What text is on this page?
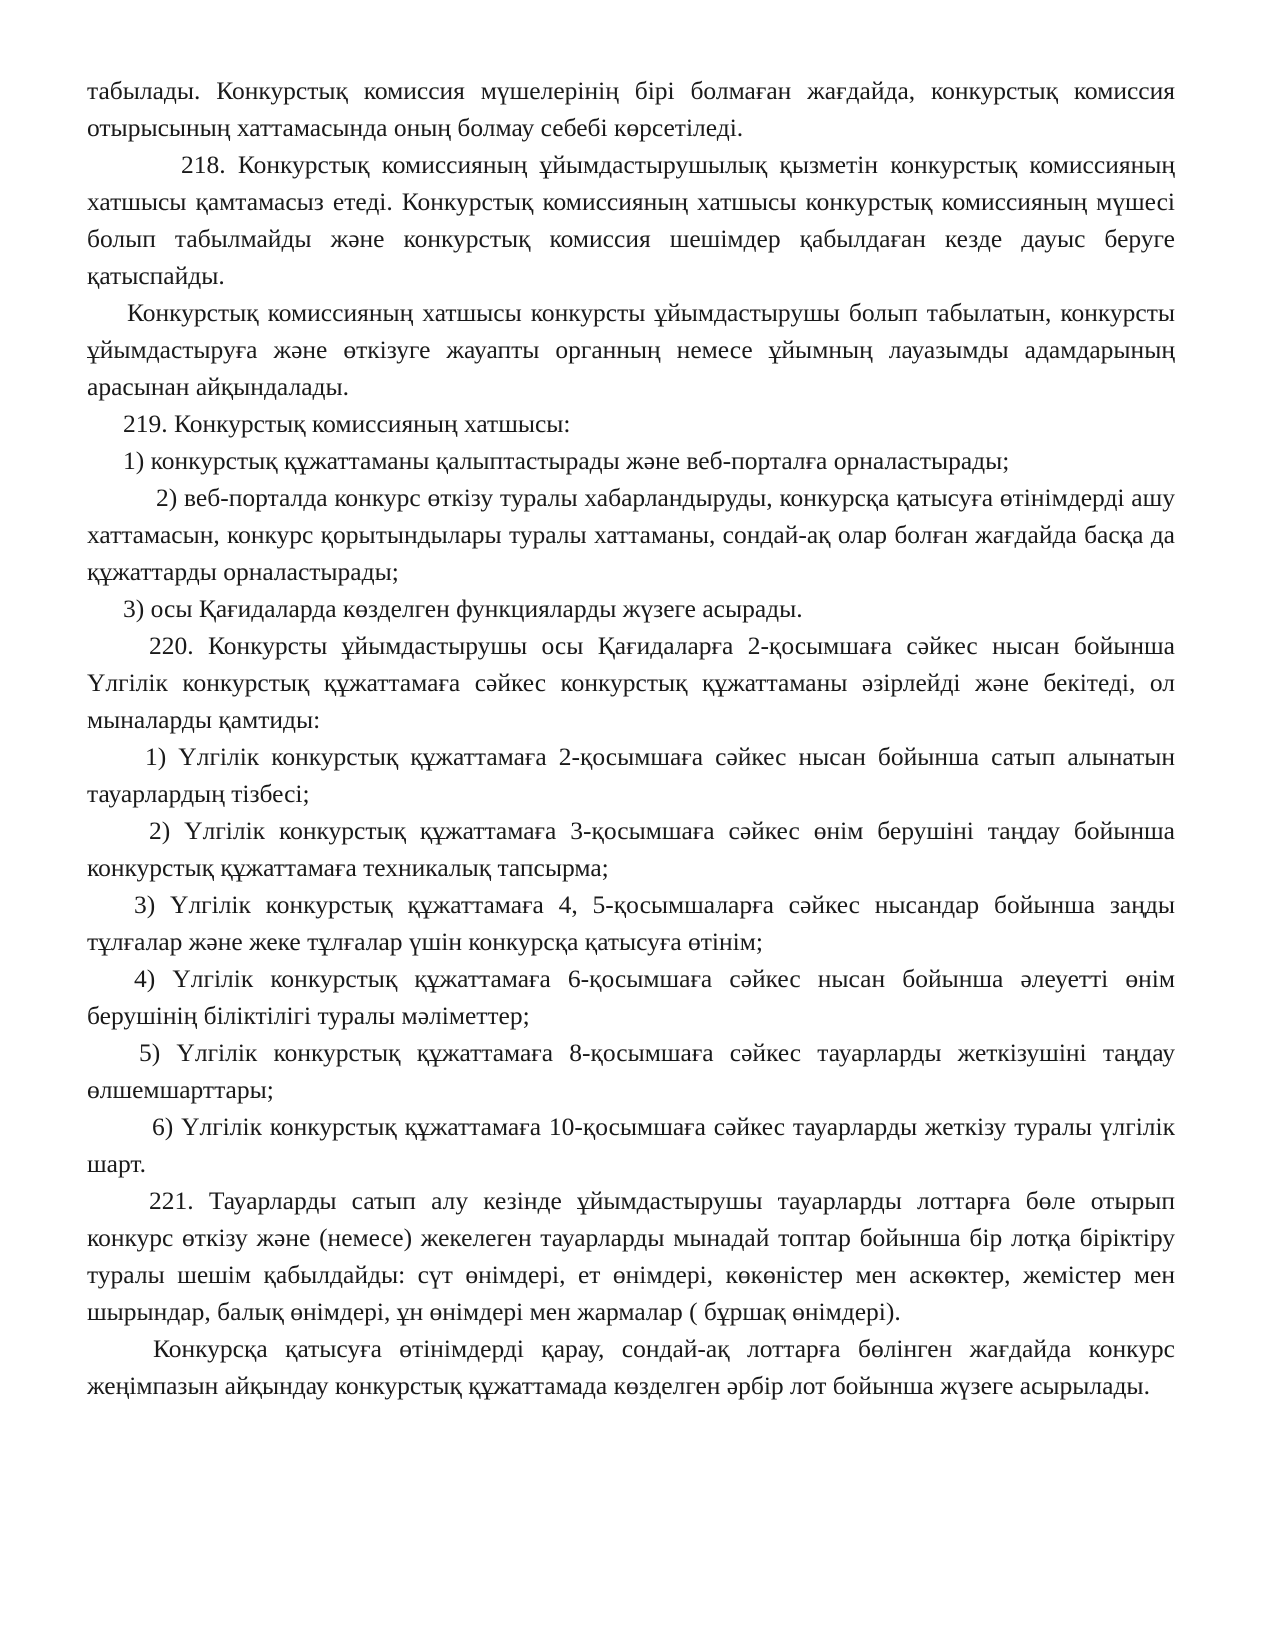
табылады. Конкурстық комиссия мүшелерінің бірі болмаған жағдайда, конкурстық комиссия отырысының хаттамасында оның болмау себебі көрсетіледі.

218. Конкурстық комиссияның ұйымдастырушылық қызметін конкурстық комиссияның хатшысы қамтамасыз етеді. Конкурстық комиссияның хатшысы конкурстық комиссияның мүшесі болып табылмайды және конкурстық комиссия шешімдер қабылдаған кезде дауыс беруге қатыспайды.

Конкурстық комиссияның хатшысы конкурсты ұйымдастырушы болып табылатын, конкурсты ұйымдастыруға және өткізуге жауапты органның немесе ұйымның лауазымды адамдарының арасынан айқындалады.

219. Конкурстық комиссияның хатшысы:

1) конкурстық құжаттаманы қалыптастырады және веб-порталға орналастырады;

2) веб-порталда конкурс өткізу туралы хабарландыруды, конкурсқа қатысуға өтінімдерді ашу хаттамасын, конкурс қорытындылары туралы хаттаманы, сондай-ақ олар болған жағдайда басқа да құжаттарды орналастырады;

3) осы Қағидаларда көзделген функцияларды жүзеге асырады.

220. Конкурсты ұйымдастырушы осы Қағидаларға 2-қосымшаға сәйкес нысан бойынша Үлгілік конкурстық құжаттамаға сәйкес конкурстық құжаттаманы әзірлейді және бекітеді, ол мыналарды қамтиды:

1) Үлгілік конкурстық құжаттамаға 2-қосымшаға сәйкес нысан бойынша сатып алынатын тауарлардың тізбесі;

2) Үлгілік конкурстық құжаттамаға 3-қосымшаға сәйкес өнім берушіні таңдау бойынша конкурстық құжаттамаға техникалық тапсырма;

3) Үлгілік конкурстық құжаттамаға 4, 5-қосымшаларға сәйкес нысандар бойынша заңды тұлғалар және жеке тұлғалар үшін конкурсқа қатысуға өтінім;

4) Үлгілік конкурстық құжаттамаға 6-қосымшаға сәйкес нысан бойынша әлеуетті өнім берушінің біліктілігі туралы мәліметтер;

5) Үлгілік конкурстық құжаттамаға 8-қосымшаға сәйкес тауарларды жеткізушіні таңдау өлшемшарттары;

6) Үлгілік конкурстық құжаттамаға 10-қосымшаға сәйкес тауарларды жеткізу туралы үлгілік шарт.

221. Тауарларды сатып алу кезінде ұйымдастырушы тауарларды лоттарға бөле отырып конкурс өткізу және (немесе) жекелеген тауарларды мынадай топтар бойынша бір лотқа біріктіру туралы шешім қабылдайды: сүт өнімдері, ет өнімдері, көкөністер мен аскөктер, жемістер мен шырындар, балық өнімдері, ұн өнімдері мен жармалар ( бұршақ өнімдері).

Конкурсқа қатысуға өтінімдерді қарау, сондай-ақ лоттарға бөлінген жағдайда конкурс жеңімпазын айқындау конкурстық құжаттамада көзделген әрбір лот бойынша жүзеге асырылады.
